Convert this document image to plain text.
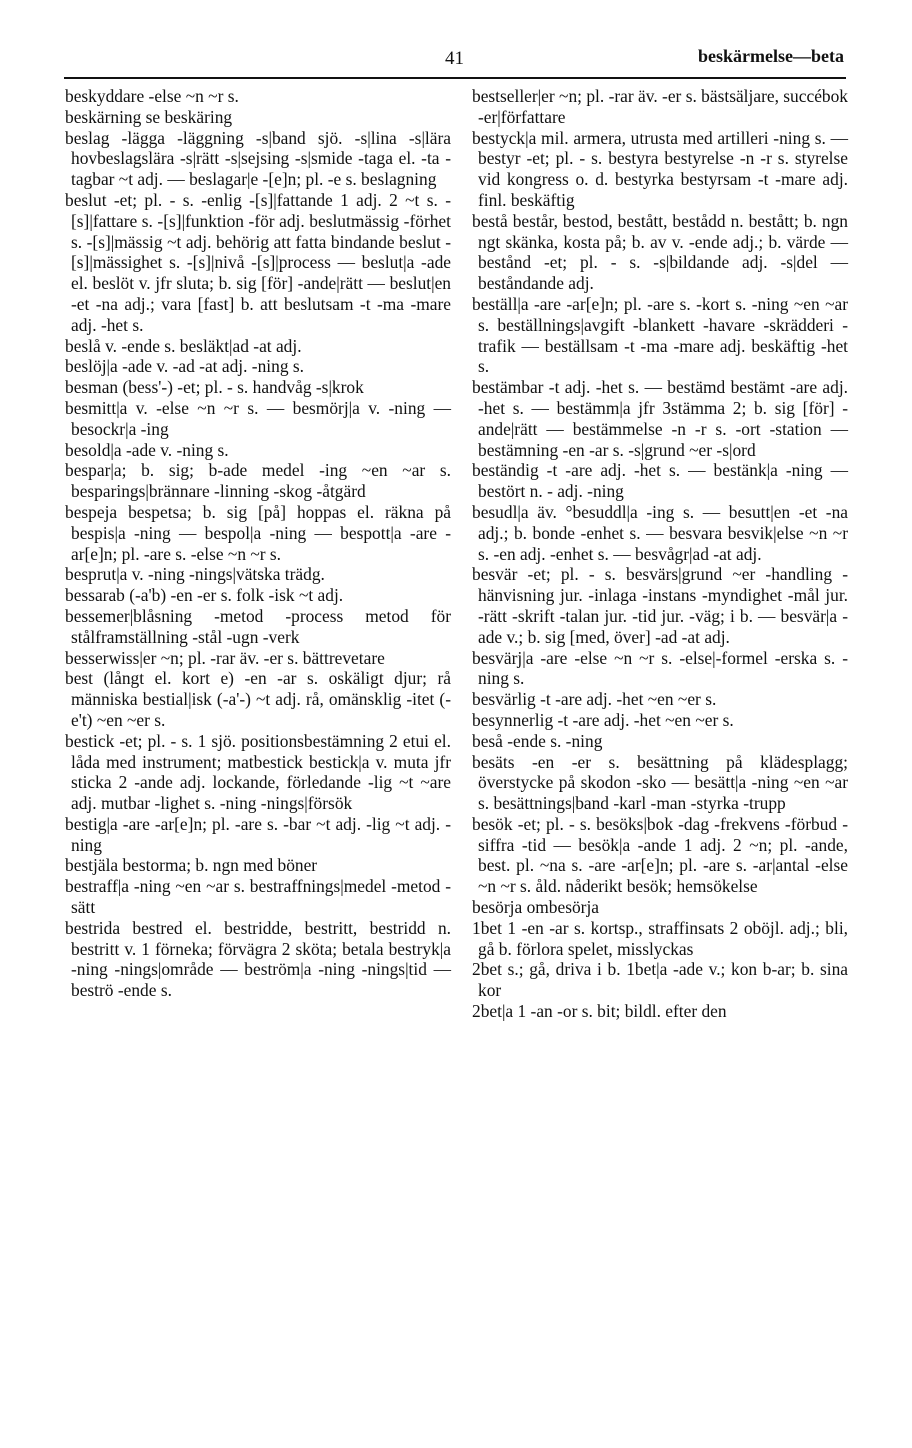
41	beskärmelse—beta

beskyddare -else ~n ~r s.

beskärning se beskäring

beslag -lägga -läggning -s|band sjö. -s|lina -s|lära hovbeslagslära -s|rätt -s|sejsing -s|smide -taga el. -ta -tagbar ~t adj. — beslagar|e -[e]n; pl. -e s. beslagning

beslut -et; pl. - s. -enlig -[s]|fattande 1 adj. 2 ~t s. -[s]|fattare s. -[s]|funktion -för adj. beslutmässig -förhet s. -[s]|mässig ~t adj. behörig att fatta bindande beslut -[s]|mässighet s. -[s]|nivå -[s]|process — beslut|a -ade el. beslöt v. jfr sluta; b. sig [för] -ande|rätt — beslut|en -et -na adj.; vara [fast] b. att beslutsam -t -ma -mare adj. -het s.

beslå v. -ende s. besläkt|ad -at adj.

beslöj|a -ade v. -ad -at adj. -ning s.

besman (bess'-) -et; pl. - s. handvåg -s|krok

besmitt|a v. -else ~n ~r s. — besmörj|a v. -ning — besockr|a -ing

besold|a -ade v. -ning s.

bespar|a; b. sig; b-ade medel -ing ~en ~ar s. besparings|brännare -linning -skog -åtgärd

bespeja bespetsa; b. sig [på] hoppas el. räkna på bespis|a -ning — bespol|a -ning — bespott|a -are -ar[e]n; pl. -are s. -else ~n ~r s.

besprut|a v. -ning -nings|vätska trädg.

bessarab (-a'b) -en -er s. folk -isk ~t adj.

bessemer|blåsning -metod -process metod för stålframställning -stål -ugn -verk

besserwiss|er ~n; pl. -rar äv. -er s. bättrevetare

best (långt el. kort e) -en -ar s. oskäligt djur; rå människa bestial|isk (-a'-) ~t adj. rå, omänsklig -itet (-e't) ~en ~er s.

bestick -et; pl. - s. 1 sjö. positionsbestämning 2 etui el. låda med instrument; matbestick bestick|a v. muta jfr sticka 2 -ande adj. lockande, förledande -lig ~t ~are adj. mutbar -lighet s. -ning -nings|försök

bestig|a -are -ar[e]n; pl. -are s. -bar ~t adj. -lig ~t adj. -ning

bestjäla bestorma; b. ngn med böner

bestraff|a -ning ~en ~ar s. bestraffnings|medel -metod -sätt

bestrida bestred el. bestridde, bestritt, bestridd n. bestritt v. 1 förneka; förvägra 2 sköta; betala bestryk|a -ning -nings|område — beström|a -ning -nings|tid — beströ -ende s.

bestseller|er ~n; pl. -rar äv. -er s. bästsäljare, succébok -er|författare

bestyck|a mil. armera, utrusta med artilleri -ning s. — bestyr -et; pl. - s. bestyra bestyrelse -n -r s. styrelse vid kongress o. d. bestyrka bestyrsam -t -mare adj. finl. beskäftig

bestå består, bestod, bestått, bestådd n. bestått; b. ngn ngt skänka, kosta på; b. av v. -ende adj.; b. värde — bestånd -et; pl. - s. -s|bildande adj. -s|del — beståndande adj.

beställ|a -are -ar[e]n; pl. -are s. -kort s. -ning ~en ~ar s. beställnings|avgift -blankett -havare -skrädderi -trafik — beställsam -t -ma -mare adj. beskäftig -het s.

bestämbar -t adj. -het s. — bestämd bestämt -are adj. -het s. — bestämm|a jfr 3stämma 2; b. sig [för] -ande|rätt — bestämmelse -n -r s. -ort -station — bestämning -en -ar s. -s|grund ~er -s|ord

beständig -t -are adj. -het s. — bestänk|a -ning — bestört n. - adj. -ning

besudl|a äv. °besuddl|a -ing s. — besutt|en -et -na adj.; b. bonde -enhet s. — besvara besvik|else ~n ~r s. -en adj. -enhet s. — besvågr|ad -at adj.

besvär -et; pl. - s. besvärs|grund ~er -handling -hänvisning jur. -inlaga -instans -myndighet -mål jur. -rätt -skrift -talan jur. -tid jur. -väg; i b. — besvär|a -ade v.; b. sig [med, över] -ad -at adj.

besvärj|a -are -else ~n ~r s. -else|-formel -erska s. -ning s.

besvärlig -t -are adj. -het ~en ~er s.

besynnerlig -t -are adj. -het ~en ~er s.

beså -ende s. -ning

besäts -en -er s. besättning på klädesplagg; överstycke på skodon -sko — besätt|a -ning ~en ~ar s. besättnings|band -karl -man -styrka -trupp

besök -et; pl. - s. besöks|bok -dag -frekvens -förbud -siffra -tid — besök|a -ande 1 adj. 2 ~n; pl. -ande, best. pl. ~na s. -are -ar[e]n; pl. -are s. -ar|antal -else ~n ~r s. åld. nåderikt besök; hemsökelse

besörja ombesörja

1bet 1 -en -ar s. kortsp., straffinsats 2 oböjl. adj.; bli, gå b. förlora spelet, misslyckas

2bet s.; gå, driva i b. 1bet|a -ade v.; kon b-ar; b. sina kor

2bet|a 1 -an -or s. bit; bildl. efter den
